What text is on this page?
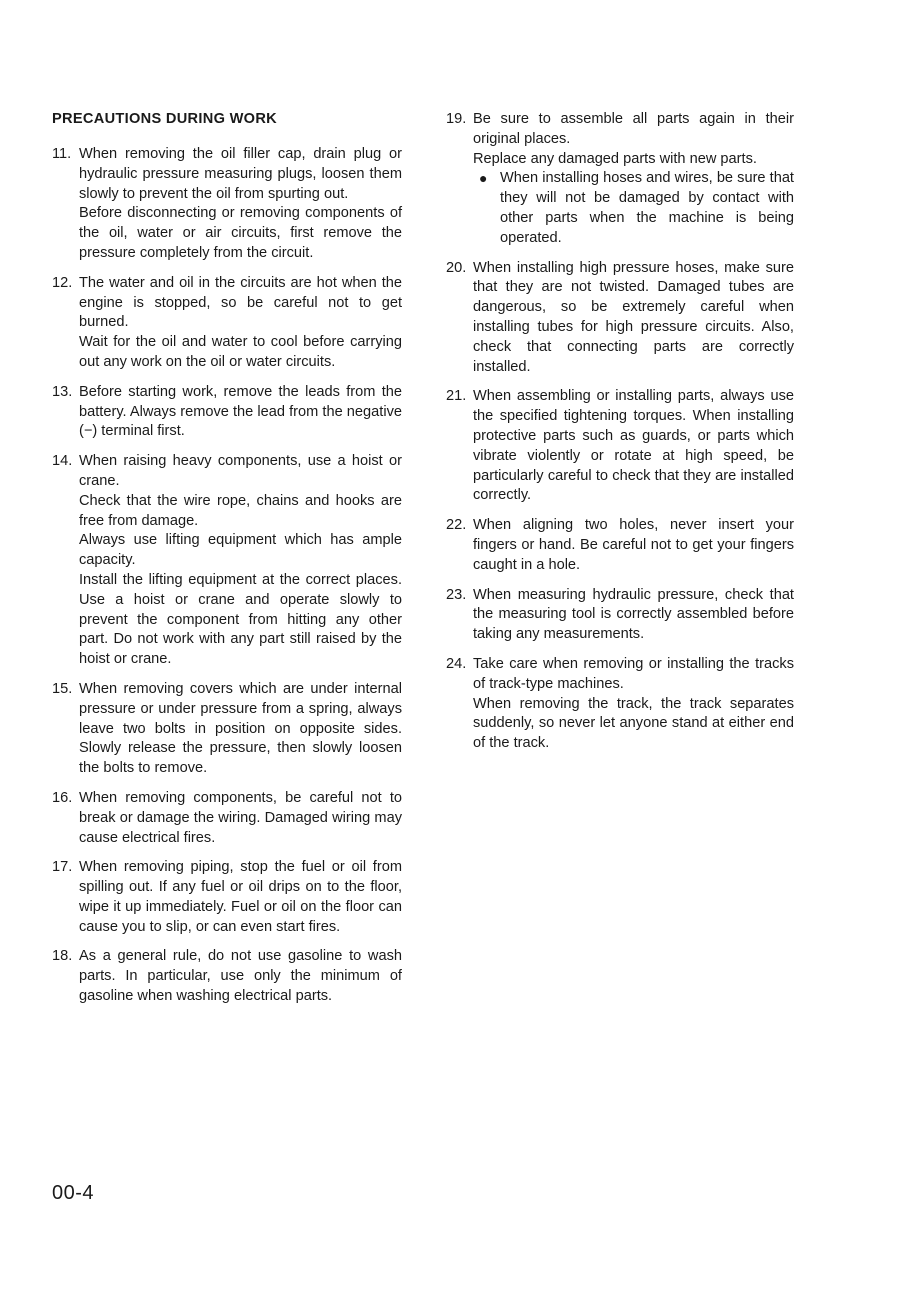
PRECAUTIONS DURING WORK
11. When removing the oil filler cap, drain plug or hydraulic pressure measuring plugs, loosen them slowly to prevent the oil from spurting out.

Before disconnecting or removing components of the oil, water or air circuits, first remove the pressure completely from the circuit.

12. The water and oil in the circuits are hot when the engine is stopped, so be careful not to get burned.

Wait for the oil and water to cool before carrying out any work on the oil or water circuits.

13. Before starting work, remove the leads from the battery. Always remove the lead from the negative (−) terminal first.

14. When raising heavy components, use a hoist or crane.

Check that the wire rope, chains and hooks are free from damage.

Always use lifting equipment which has ample capacity.

Install the lifting equipment at the correct places. Use a hoist or crane and operate slowly to prevent the component from hitting any other part. Do not work with any part still raised by the hoist or crane.

15. When removing covers which are under internal pressure or under pressure from a spring, always leave two bolts in position on opposite sides. Slowly release the pressure, then slowly loosen the bolts to remove.

16. When removing components, be careful not to break or damage the wiring. Damaged wiring may cause electrical fires.

17. When removing piping, stop the fuel or oil from spilling out. If any fuel or oil drips on to the floor, wipe it up immediately. Fuel or oil on the floor can cause you to slip, or can even start fires.

18. As a general rule, do not use gasoline to wash parts. In particular, use only the minimum of gasoline when washing electrical parts.

19. Be sure to assemble all parts again in their original places.

Replace any damaged parts with new parts.

● When installing hoses and wires, be sure that they will not be damaged by contact with other parts when the machine is being operated.

20. When installing high pressure hoses, make sure that they are not twisted. Damaged tubes are dangerous, so be extremely careful when installing tubes for high pressure circuits. Also, check that connecting parts are correctly installed.

21. When assembling or installing parts, always use the specified tightening torques. When installing protective parts such as guards, or parts which vibrate violently or rotate at high speed, be particularly careful to check that they are installed correctly.

22. When aligning two holes, never insert your fingers or hand. Be careful not to get your fingers caught in a hole.

23. When measuring hydraulic pressure, check that the measuring tool is correctly assembled before taking any measurements.

24. Take care when removing or installing the tracks of track-type machines.

When removing the track, the track separates suddenly, so never let anyone stand at either end of the track.

00-4
